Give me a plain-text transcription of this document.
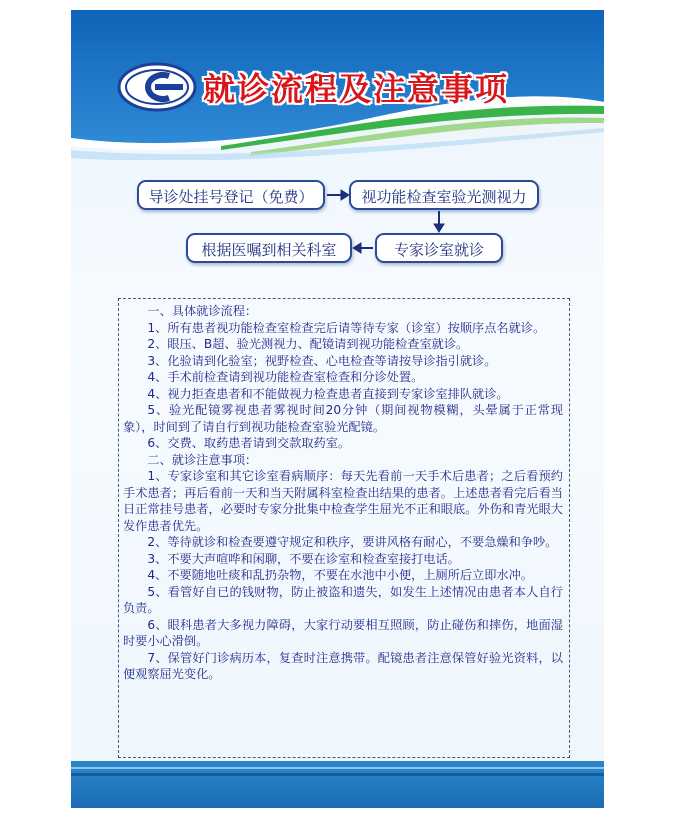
就诊流程及注意事项
导诊处挂号登记（免费）	视功能检查室验光测视力
专家诊室就诊
根据医嘱到相关科室

一、具体就诊流程：

1、所有患者视功能检查室检查完后请等待专家（诊室）按顺序点名就诊。

2、眼压、B超、验光测视力、配镜请到视功能检查室就诊。

3、化验请到化验室；视野检查、心电检查等请按导诊指引就诊。

4、手术前检查请到视功能检查室检查和分诊处置。

4、视力拒查患者和不能做视力检查患者直接到专家诊室排队就诊。

5、验光配镜雾视患者雾视时间20分钟（期间视物模糊，头晕属于正常现象），时间到了请自行到视功能检查室验光配镜。

6、交费、取药患者请到交款取药室。

二、就诊注意事项：

1、专家诊室和其它诊室看病顺序：每天先看前一天手术后患者；之后看预约手术患者；再后看前一天和当天附属科室检查出结果的患者。上述患者看完后看当日正常挂号患者，必要时专家分批集中检查学生屈光不正和眼底。外伤和青光眼大发作患者优先。

2、等待就诊和检查要遵守规定和秩序，要讲风格有耐心，不要急燥和争吵。

3、不要大声喧哗和闲聊，不要在诊室和检查室接打电话。

4、不要随地吐痰和乱扔杂物，不要在水池中小便，上厕所后立即水冲。

5、看管好自已的钱财物，防止被盗和遗失，如发生上述情况由患者本人自行负责。

6、眼科患者大多视力障碍，大家行动要相互照顾，防止碰伤和摔伤，地面湿时要小心滑倒。

7、保管好门诊病历本，复查时注意携带。配镜患者注意保管好验光资料，以便观察屈光变化。
